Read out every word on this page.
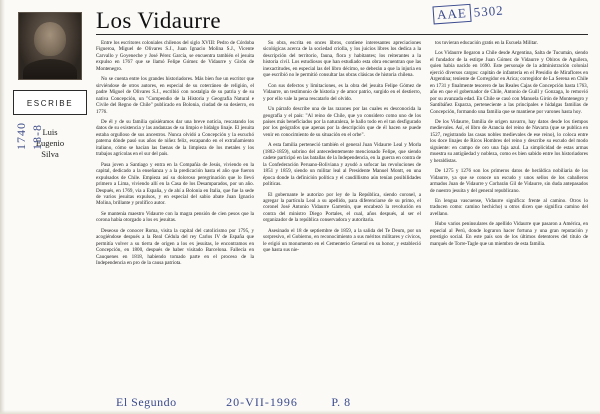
Los Vidaurre
ESCRIBE
Luis
Eugenio
Silva
1740 18-8
AAE 5302

Entre los escritores coloniales chilenos del siglo XVIII: Pedro de Córdoba Figueroa, Miguel de Olivares S.J., Juan Ignacio Molina S.J., Vicente Carvallo y Goyeneche y José Pérez García, se encuentra también el jesuita expulso en 1767 que se llamó Felipe Gómez de Vidaurre y Girón de Montenegro.

No se cuenta entre los grandes historiadores. Más bien fue un escritor que sirviéndose de otros autores, en especial de su coterráneo de religión, el padre Miguel de Olivares S.J., escribió con nostalgia de su patria y de su nativa Concepción, un "Compendio de la Historia y Geografía Natural e Civile del Regno de Chile" publicado en Bolonia, ciudad de su desierro, en 1776.

De él y de su familia quisiéramos dar una breve noticia, rescatando los datos de su existencia y las andanzas de su limpio e hidalgo linaje. El jesuita estaba orgulloso de sus ancestros. Nunca olvidó a Concepción y la escuchó paterna dónde pasó sus años de niñez feliz, escapando en el extrañamiento italiano, cómo se hacían las faenas de la limpieza de los metales y los trabajos agrícolas en el sur del país.

Pasa joven a Santiago y entra en la Compañía de Jesús, viviendo en la capital, dedicado a la enseñanza y a la predicación hasta el año que fueron expulsados de Chile. Empieza así su doloroso peregrinación que lo llevó primero a Lima, viviendo allí en la Casa de los Desamparados, por un año. Después, en 1769, vía a España, y de ahí a Bolonia en Italia, que fue la sede de varios jesuitas expulsos, y en especial del sabio abate Juan Ignacio Molina, brillante y prolífico autor.

Se mantenía maestro Vidaurre con la magra pensión de cien pesos que la corona había otorgado a los ex jesuitas.

Deseoso de conocer Roma, visita la capital del catolicismo por 1795, y acogiéndose después a la Real Cédula del rey Carlos IV de España que permitía volver a su tierra de origen a los ex jesuitas, le encontramos en Concepción, en 1800, después de haber visitado Barcelona. Fallecía en Cauquenes en 1818, habiendo tomado parte en el proceso de la Independencia en pro de la causa patriota.

Su obra, escrita en onces libros, contiene interesantes apreciaciones sicológicas acerca de la sociedad criolla, y los juicios libres los dedica a la descripción del territorio, fauna, flora y habitantes; los reiterantes a la historia civil. Los estudiosos que han estudiado esta obra encuentran que las inexactitudes, en especial las del libro décimo, se deberán a que la injuria en que escribió no le permitió consultar las obras clásicas de historia chilena.

Con sus defectos y limitaciones, es la obra del jesuita Felipe Gómez de Vidaurre, un testimonio de historia y de amor patrio, surgido en el destierro, y por ello vale la pena rescatarlo del olvido.

Un párrafo describe una de las razones por las cuales es desconocida la geografía y el país: "Al reino de Chile, que yo considero como uno de los países más beneficiados por la naturaleza, le hallo todo en el tan desfigurado por los geógrafos que apenas por la descripción que de él hacen se puede venir en conocimiento de su situación en el orbe".

A esta familia perteneció también el general Juan Vidaurre Leal y Morla (1802-1859), sobrino del antecedentemente mencionado Felipe, que siendo cadete participó en las batallas de la Independencia, en la guerra en contra de la Confederación Peruano-Boliviana y ayudó a sofocar las revoluciones de 1851 y 1859, siendo un militar leal al Presidente Manuel Montt, en una época donde la definición política y el caudillismo aún tenían posibilidades políticas.

El gobernante le autorizo por ley de la República, siendo coronel, a agregar la partícula Leal a su apellido, para diferenciarse de su primo, el coronel José Antonio Vidaurre Garretón, que encabezó la revolución en contra del ministro Diego Portales, el cual, años después, al ser el organizador de la república conservadora y autoritaria.

Asesinado el 18 de septiembre de 1859, a la salida del Te Deum, por un sorpresivo, el Gobierno, en reconocimiento a sus méritos militares y cívicos, le erigió un monumento en el Cementerio General en su honor, y estableció que hasta sus nie-

tos tuvieran educación gratis en la Escuela Militar.

Los Vidaurre llegaron a Chile desde Argentina, Salta de Tucumán, siendo el fundador de la estirpe Juan Gómez de Vidaurre y Obiros de Aguilera, quien había nacido en 1690. Este personaje de la administración colonial ejerció diversos cargos: capitán de infantería en el Presidio de Miraflores en Argentina; teniente de Corregidor en Arica; corregidor de La Serena en Chile en 1731 y finalmente tesorero de las Reales Cajas de Concepción hasta 1763, año en que el gobernador de Chile, Antonio de Guill y Gonzaga, lo removió por su avanzada edad. En Chile se casó con Manuela Girón de Montenegro y Santibáñez Esparza, perteneciente a las principales e hidalgas familias de Concepción, formando una familia que se mantiene por varones hasta hoy.

De los Vidaurre, familia de origen navarro, hay datos desde los tiempos medievales. Así, el libro de Arancia del reino de Navarra (que se publica en 1527, registrando las casas nobles medievales de ese reino), lo coloca entre los doce linajes de Ricos Hombres del reino y describe su escudo del modo siguiente: en campo de oro una faja azul. La simplicidad de estas armas muestra su antigüedad y nobleza, como es bien sabido entre los historiadores y heraldistas.

De 1275 y 1276 son los primeros datos de heráldica nobiliaria de los Vidaurre, ya que se conoce un escudo y unos sellos de los caballeros armados Juan de Vidaurre y Corbarán Gil de Vidaurre, sin duda antepasados de nuestro jesuita y del general republicano.

En lengua vascuense, Vidaurre significa: frente al camino. Otros lo traducen como: camino hechicho) u otros dicen que significa camino del avellano.

Hubo varios peninsulares de apellido Vidaurre que pasaron a América, en especial al Perú, donde lograron hacer fortuna y una gran reputación y prestigio social. En este país son de los últimos detentores del título de marqués de Torre-Tagle que un miembro de esta familia.

El Segundo	20-VII-1996	P. 8
